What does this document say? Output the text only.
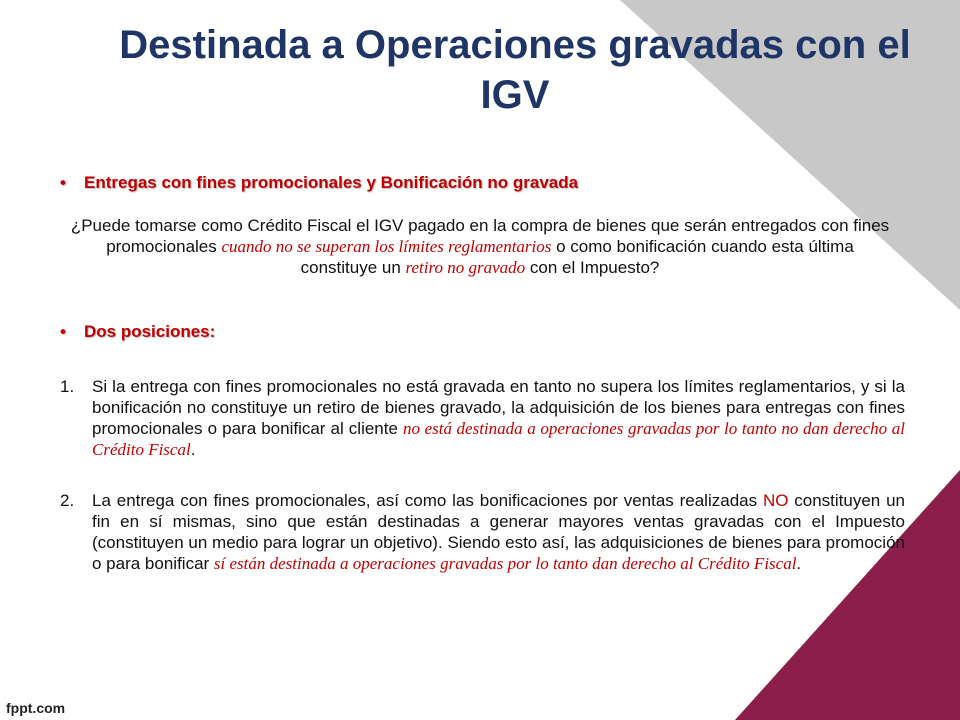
Destinada a Operaciones gravadas con el IGV
• Entregas con fines promocionales y Bonificación no gravada
¿Puede tomarse como Crédito Fiscal el IGV pagado en la compra de bienes que serán entregados con fines promocionales cuando no se superan los límites reglamentarios o como bonificación cuando esta última constituye un retiro no gravado con el Impuesto?
• Dos posiciones:
1.	Si la entrega con fines promocionales no está gravada en tanto no supera los límites reglamentarios, y si la bonificación no constituye un retiro de bienes gravado, la adquisición de los bienes para entregas con fines promocionales o para bonificar al cliente no está destinada a operaciones gravadas por lo tanto no dan derecho al Crédito Fiscal.
2.	La entrega con fines promocionales, así como las bonificaciones por ventas realizadas NO constituyen un fin en sí mismas, sino que están destinadas a generar mayores ventas gravadas con el Impuesto (constituyen un medio para lograr un objetivo). Siendo esto así, las adquisiciones de bienes para promoción o para bonificar sí están destinada a operaciones gravadas por lo tanto dan derecho al Crédito Fiscal.
fppt.com
